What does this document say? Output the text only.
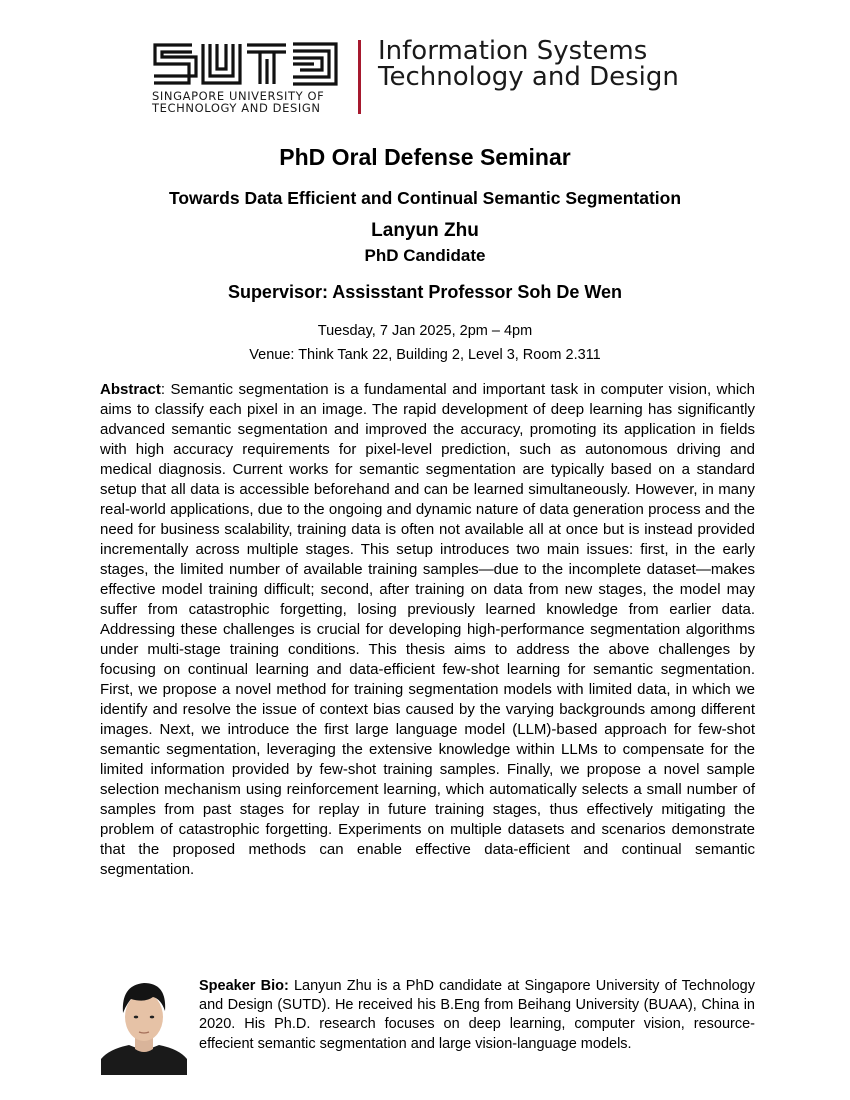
SINGAPORE UNIVERSITY OF
TECHNOLOGY AND DESIGN
Information Systems
Technology and Design
PhD Oral Defense Seminar
Towards Data Efficient and Continual Semantic Segmentation
Lanyun Zhu
PhD Candidate
Supervisor: Assisstant Professor Soh De Wen
Tuesday, 7 Jan 2025, 2pm – 4pm
Venue: Think Tank 22, Building 2, Level 3, Room 2.311

Abstract: Semantic segmentation is a fundamental and important task in computer vision, which aims to classify each pixel in an image. The rapid development of deep learning has significantly advanced semantic segmentation and improved the accuracy, promoting its application in fields with high accuracy requirements for pixel-level prediction, such as autonomous driving and medical diagnosis. Current works for semantic segmentation are typically based on a standard setup that all data is accessible beforehand and can be learned simultaneously. However, in many real-world applications, due to the ongoing and dynamic nature of data generation process and the need for business scalability, training data is often not available all at once but is instead provided incrementally across multiple stages. This setup introduces two main issues: first, in the early stages, the limited number of available training samples—due to the incomplete dataset—makes effective model training difficult; second, after training on data from new stages, the model may suffer from catastrophic forgetting, losing previously learned knowledge from earlier data. Addressing these challenges is crucial for developing high-performance segmentation algorithms under multi-stage training conditions. This thesis aims to address the above challenges by focusing on continual learning and data-efficient few-shot learning for semantic segmentation. First, we propose a novel method for training segmentation models with limited data, in which we identify and resolve the issue of context bias caused by the varying backgrounds among different images. Next, we introduce the first large language model (LLM)-based approach for few-shot semantic segmentation, leveraging the extensive knowledge within LLMs to compensate for the limited information provided by few-shot training samples. Finally, we propose a novel sample selection mechanism using reinforcement learning, which automatically selects a small number of samples from past stages for replay in future training stages, thus effectively mitigating the problem of catastrophic forgetting. Experiments on multiple datasets and scenarios demonstrate that the proposed methods can enable effective data-efficient and continual semantic segmentation.

Speaker Bio: Lanyun Zhu is a PhD candidate at Singapore University of Technology and Design (SUTD). He received his B.Eng from Beihang University (BUAA), China in 2020. His Ph.D. research focuses on deep learning, computer vision, resource-effecient semantic segmentation and large vision-language models.
